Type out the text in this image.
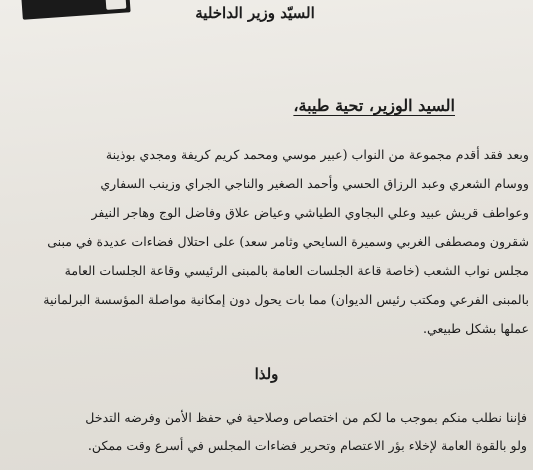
السيّد وزير الداخلية
السيد الوزير، تحية طيبة،

وبعد فقد أقدم مجموعة من النواب (عبير موسي ومحمد كريم كريفة ومجدي بوذينة
ووسام الشعري وعبد الرزاق الحسي وأحمد الصغير والناجي الجراي وزينب السفاري
وعواطف قريش عبيد وعلي البجاوي الطياشي وعياض علاق وفاضل الوج وهاجر النيفر
شقرون ومصطفى الغربي وسميرة السايحي وثامر سعد) على احتلال فضاءات عديدة في مبنى
مجلس نواب الشعب (خاصة قاعة الجلسات العامة بالمبنى الرئيسي وقاعة الجلسات العامة
بالمبنى الفرعي ومكتب رئيس الديوان) مما بات يحول دون إمكانية مواصلة المؤسسة البرلمانية
عملها بشكل طبيعي.

ولذا

فإننا نطلب منكم بموجب ما لكم من اختصاص وصلاحية في حفظ الأمن وفرضه التدخل
ولو بالقوة العامة لإخلاء بؤر الاعتصام وتحرير فضاءات المجلس في أسرع وقت ممكن.
